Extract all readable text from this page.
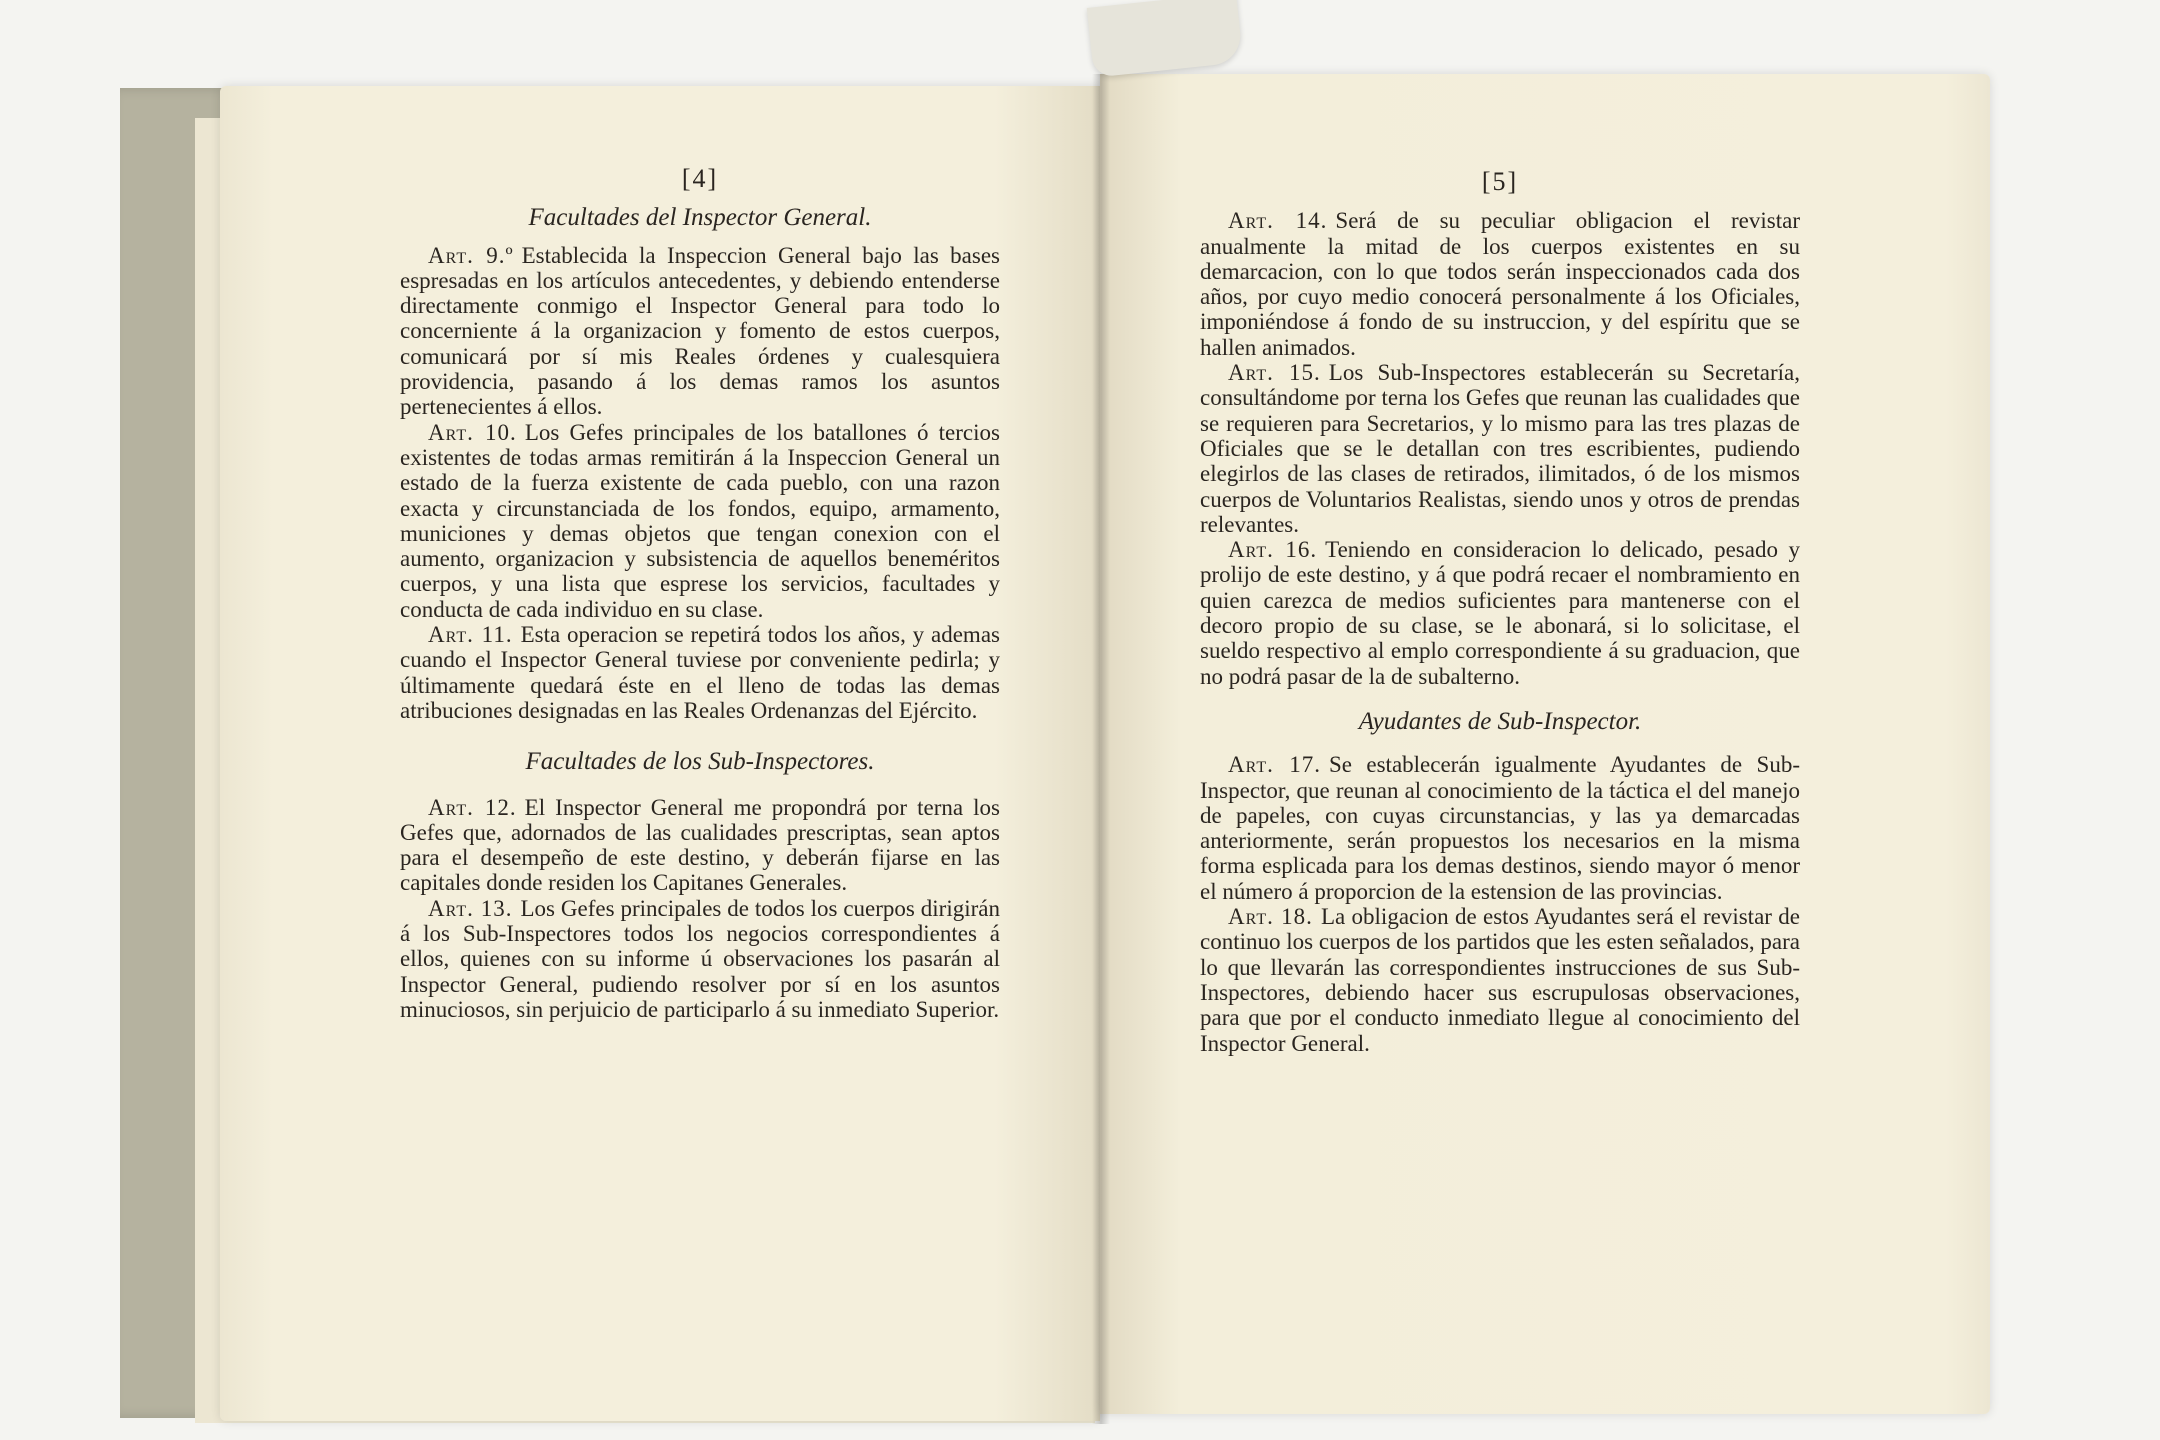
[4]
Facultades del Inspector General.

Art. 9.º Establecida la Inspeccion General bajo las bases espresadas en los artículos antecedentes, y debiendo entenderse directamente conmigo el Inspector General para todo lo concerniente á la organizacion y fomento de estos cuerpos, comunicará por sí mis Reales órdenes y cualesquiera providencia, pasando á los demas ramos los asuntos pertenecientes á ellos.

Art. 10. Los Gefes principales de los batallones ó tercios existentes de todas armas remitirán á la Inspeccion General un estado de la fuerza existente de cada pueblo, con una razon exacta y circunstanciada de los fondos, equipo, armamento, municiones y demas objetos que tengan conexion con el aumento, organizacion y subsistencia de aquellos beneméritos cuerpos, y una lista que esprese los servicios, facultades y conducta de cada individuo en su clase.

Art. 11. Esta operacion se repetirá todos los años, y ademas cuando el Inspector General tuviese por conveniente pedirla; y últimamente quedará éste en el lleno de todas las demas atribuciones designadas en las Reales Ordenanzas del Ejército.

Facultades de los Sub-Inspectores.

Art. 12. El Inspector General me propondrá por terna los Gefes que, adornados de las cualidades prescriptas, sean aptos para el desempeño de este destino, y deberán fijarse en las capitales donde residen los Capitanes Generales.

Art. 13. Los Gefes principales de todos los cuerpos dirigirán á los Sub-Inspectores todos los negocios correspondientes á ellos, quienes con su informe ú observaciones los pasarán al Inspector General, pudiendo resolver por sí en los asuntos minuciosos, sin perjuicio de participarlo á su inmediato Superior.

[5]

Art. 14. Será de su peculiar obligacion el revistar anualmente la mitad de los cuerpos existentes en su demarcacion, con lo que todos serán inspeccionados cada dos años, por cuyo medio conocerá personalmente á los Oficiales, imponiéndose á fondo de su instruccion, y del espíritu que se hallen animados.

Art. 15. Los Sub-Inspectores establecerán su Secretaría, consultándome por terna los Gefes que reunan las cualidades que se requieren para Secretarios, y lo mismo para las tres plazas de Oficiales que se le detallan con tres escribientes, pudiendo elegirlos de las clases de retirados, ilimitados, ó de los mismos cuerpos de Voluntarios Realistas, siendo unos y otros de prendas relevantes.

Art. 16. Teniendo en consideracion lo delicado, pesado y prolijo de este destino, y á que podrá recaer el nombramiento en quien carezca de medios suficientes para mantenerse con el decoro propio de su clase, se le abonará, si lo solicitase, el sueldo respectivo al emplo correspondiente á su graduacion, que no podrá pasar de la de subalterno.

Ayudantes de Sub-Inspector.

Art. 17. Se establecerán igualmente Ayudantes de Sub-Inspector, que reunan al conocimiento de la táctica el del manejo de papeles, con cuyas circunstancias, y las ya demarcadas anteriormente, serán propuestos los necesarios en la misma forma esplicada para los demas destinos, siendo mayor ó menor el número á proporcion de la estension de las provincias.

Art. 18. La obligacion de estos Ayudantes será el revistar de continuo los cuerpos de los partidos que les esten señalados, para lo que llevarán las correspondientes instrucciones de sus Sub-Inspectores, debiendo hacer sus escrupulosas observaciones, para que por el conducto inmediato llegue al conocimiento del Inspector General.
